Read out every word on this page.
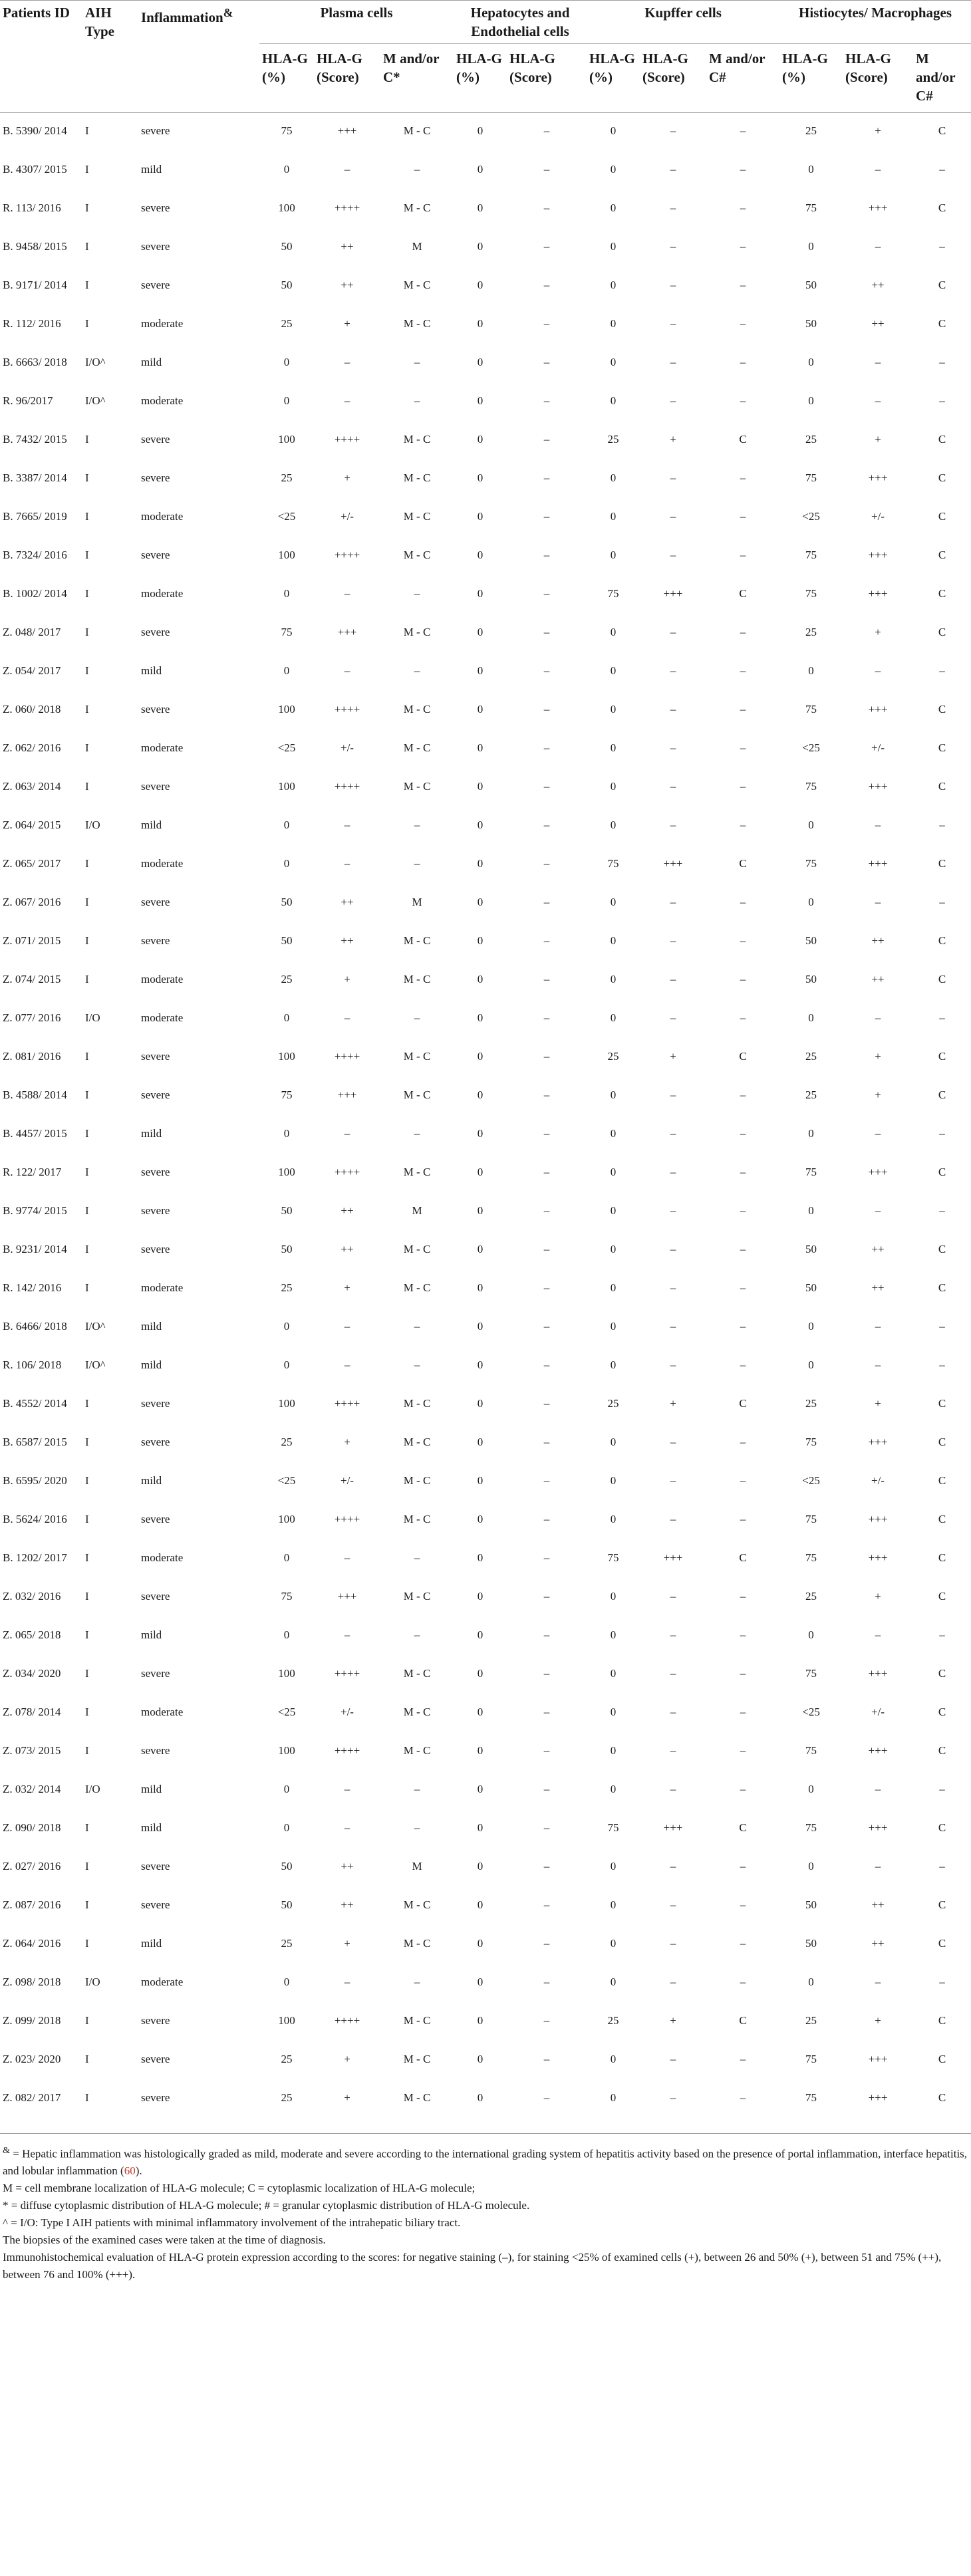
Patients ID	AIH Type	Inflammation&	Plasma cells			Hepatocytes and Endothelial cells		Kupffer cells			Histiocytes/ Macrophages		
			HLA-G (%)	HLA-G (Score)	M and/or C*	HLA-G (%)	HLA-G (Score)	HLA-G (%)	HLA-G (Score)	M and/or C#	HLA-G (%)	HLA-G (Score)	M and/or C#
B. 5390/ 2014	I	severe	75	+++	M - C	0	–	0	–	–	25	+	C
B. 4307/ 2015	I	mild	0	–	–	0	–	0	–	–	0	–	–
R. 113/ 2016	I	severe	100	++++	M - C	0	–	0	–	–	75	+++	C
B. 9458/ 2015	I	severe	50	++	M	0	–	0	–	–	0	–	–
B. 9171/ 2014	I	severe	50	++	M - C	0	–	0	–	–	50	++	C
R. 112/ 2016	I	moderate	25	+	M - C	0	–	0	–	–	50	++	C
B. 6663/ 2018	I/O^	mild	0	–	–	0	–	0	–	–	0	–	–
R. 96/2017	I/O^	moderate	0	–	–	0	–	0	–	–	0	–	–
B. 7432/ 2015	I	severe	100	++++	M - C	0	–	25	+	C	25	+	C
B. 3387/ 2014	I	severe	25	+	M - C	0	–	0	–	–	75	+++	C
B. 7665/ 2019	I	moderate	<25	+/-	M - C	0	–	0	–	–	<25	+/-	C
B. 7324/ 2016	I	severe	100	++++	M - C	0	–	0	–	–	75	+++	C
B. 1002/ 2014	I	moderate	0	–	–	0	–	75	+++	C	75	+++	C
Z. 048/ 2017	I	severe	75	+++	M - C	0	–	0	–	–	25	+	C
Z. 054/ 2017	I	mild	0	–	–	0	–	0	–	–	0	–	–
Z. 060/ 2018	I	severe	100	++++	M - C	0	–	0	–	–	75	+++	C
Z. 062/ 2016	I	moderate	<25	+/-	M - C	0	–	0	–	–	<25	+/-	C
Z. 063/ 2014	I	severe	100	++++	M - C	0	–	0	–	–	75	+++	C
Z. 064/ 2015	I/O	mild	0	–	–	0	–	0	–	–	0	–	–
Z. 065/ 2017	I	moderate	0	–	–	0	–	75	+++	C	75	+++	C
Z. 067/ 2016	I	severe	50	++	M	0	–	0	–	–	0	–	–
Z. 071/ 2015	I	severe	50	++	M - C	0	–	0	–	–	50	++	C
Z. 074/ 2015	I	moderate	25	+	M - C	0	–	0	–	–	50	++	C
Z. 077/ 2016	I/O	moderate	0	–	–	0	–	0	–	–	0	–	–
Z. 081/ 2016	I	severe	100	++++	M - C	0	–	25	+	C	25	+	C
B. 4588/ 2014	I	severe	75	+++	M - C	0	–	0	–	–	25	+	C
B. 4457/ 2015	I	mild	0	–	–	0	–	0	–	–	0	–	–
R. 122/ 2017	I	severe	100	++++	M - C	0	–	0	–	–	75	+++	C
B. 9774/ 2015	I	severe	50	++	M	0	–	0	–	–	0	–	–
B. 9231/ 2014	I	severe	50	++	M - C	0	–	0	–	–	50	++	C
R. 142/ 2016	I	moderate	25	+	M - C	0	–	0	–	–	50	++	C
B. 6466/ 2018	I/O^	mild	0	–	–	0	–	0	–	–	0	–	–
R. 106/ 2018	I/O^	mild	0	–	–	0	–	0	–	–	0	–	–
B. 4552/ 2014	I	severe	100	++++	M - C	0	–	25	+	C	25	+	C
B. 6587/ 2015	I	severe	25	+	M - C	0	–	0	–	–	75	+++	C
B. 6595/ 2020	I	mild	<25	+/-	M - C	0	–	0	–	–	<25	+/-	C
B. 5624/ 2016	I	severe	100	++++	M - C	0	–	0	–	–	75	+++	C
B. 1202/ 2017	I	moderate	0	–	–	0	–	75	+++	C	75	+++	C
Z. 032/ 2016	I	severe	75	+++	M - C	0	–	0	–	–	25	+	C
Z. 065/ 2018	I	mild	0	–	–	0	–	0	–	–	0	–	–
Z. 034/ 2020	I	severe	100	++++	M - C	0	–	0	–	–	75	+++	C
Z. 078/ 2014	I	moderate	<25	+/-	M - C	0	–	0	–	–	<25	+/-	C
Z. 073/ 2015	I	severe	100	++++	M - C	0	–	0	–	–	75	+++	C
Z. 032/ 2014	I/O	mild	0	–	–	0	–	0	–	–	0	–	–
Z. 090/ 2018	I	mild	0	–	–	0	–	75	+++	C	75	+++	C
Z. 027/ 2016	I	severe	50	++	M	0	–	0	–	–	0	–	–
Z. 087/ 2016	I	severe	50	++	M - C	0	–	0	–	–	50	++	C
Z. 064/ 2016	I	mild	25	+	M - C	0	–	0	–	–	50	++	C
Z. 098/ 2018	I/O	moderate	0	–	–	0	–	0	–	–	0	–	–
Z. 099/ 2018	I	severe	100	++++	M - C	0	–	25	+	C	25	+	C
Z. 023/ 2020	I	severe	25	+	M - C	0	–	0	–	–	75	+++	C
Z. 082/ 2017	I	severe	25	+	M - C	0	–	0	–	–	75	+++	C

& = Hepatic inflammation was histologically graded as mild, moderate and severe according to the international grading system of hepatitis activity based on the presence of portal inflammation, interface hepatitis, and lobular inflammation (60).

M = cell membrane localization of HLA-G molecule; C = cytoplasmic localization of HLA-G molecule;

* = diffuse cytoplasmic distribution of HLA-G molecule; # = granular cytoplasmic distribution of HLA-G molecule.

^ = I/O: Type I AIH patients with minimal inflammatory involvement of the intrahepatic biliary tract.

The biopsies of the examined cases were taken at the time of diagnosis.

Immunohistochemical evaluation of HLA-G protein expression according to the scores: for negative staining (–), for staining <25% of examined cells (+), between 26 and 50% (+), between 51 and 75% (++), between 76 and 100% (+++).
